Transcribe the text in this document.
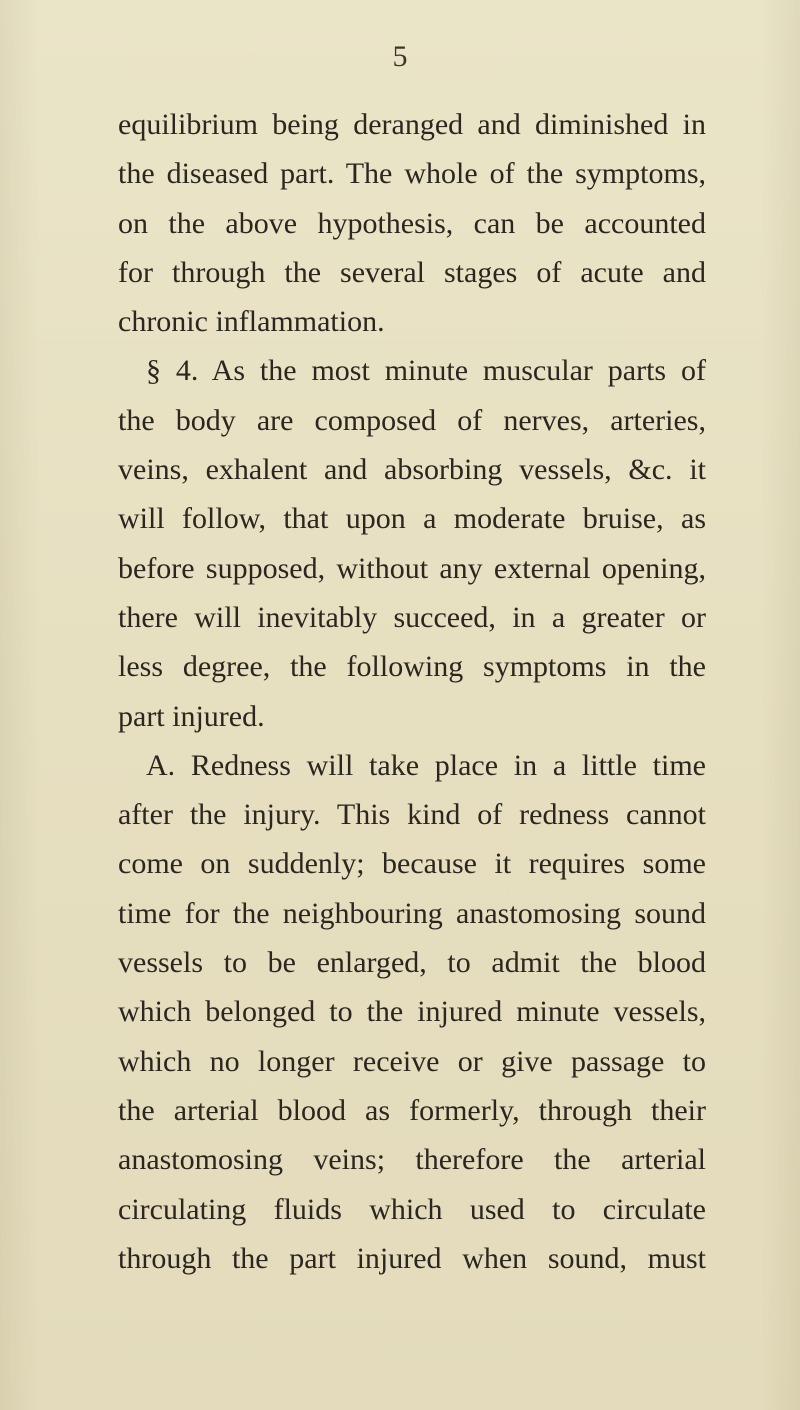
5
equilibrium being deranged and diminished in
the diseased part. The whole of the symptoms,
on the above hypothesis, can be accounted
for through the several stages of acute and
chronic inflammation.
§ 4. As the most minute muscular parts of
the body are composed of nerves, arteries,
veins, exhalent and absorbing vessels, &c. it
will follow, that upon a moderate bruise, as
before supposed, without any external opening,
there will inevitably succeed, in a greater or
less degree, the following symptoms in the
part injured.
A. Redness will take place in a little time
after the injury. This kind of redness cannot
come on suddenly; because it requires some
time for the neighbouring anastomosing sound
vessels to be enlarged, to admit the blood
which belonged to the injured minute vessels,
which no longer receive or give passage to
the arterial blood as formerly, through their
anastomosing veins; therefore the arterial
circulating fluids which used to circulate
through the part injured when sound, must
